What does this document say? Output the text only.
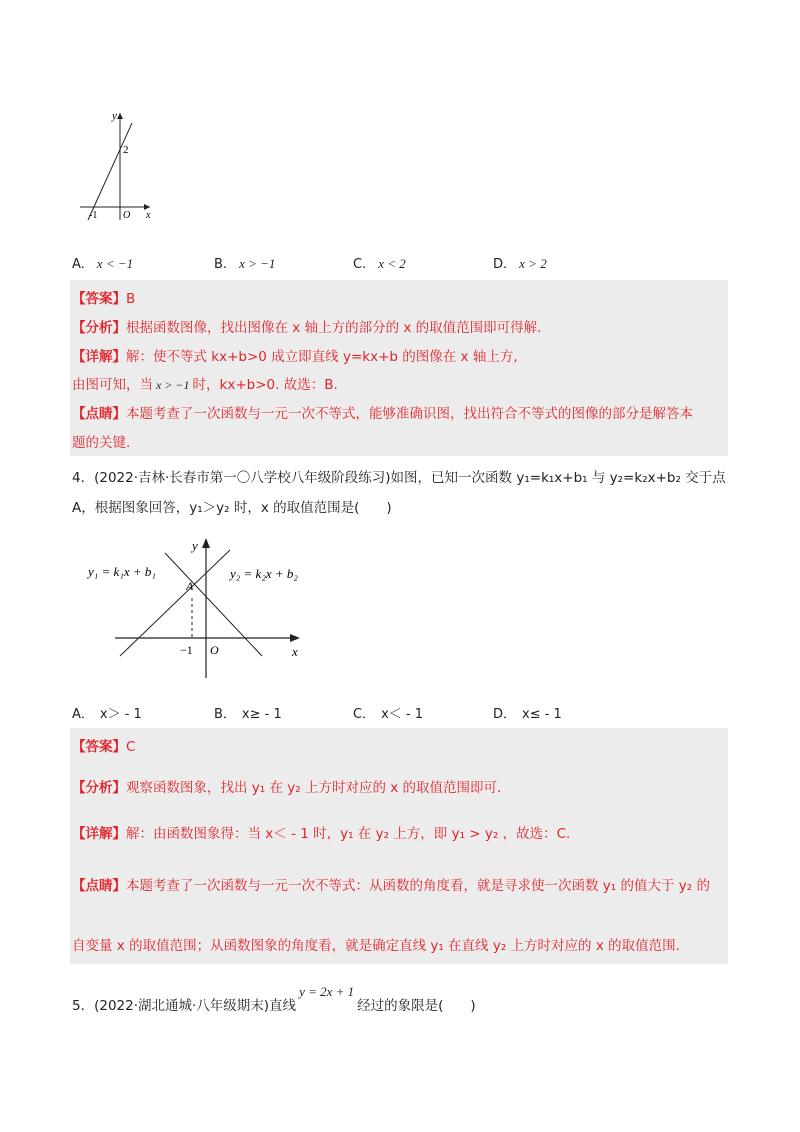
y
2
-1	O x
A. x < −1	B. x > −1	C. x < 2	D. x > 2
【答案】B
【分析】根据函数图像，找出图像在 x 轴上方的部分的 x 的取值范围即可得解.
【详解】解：使不等式 kx+b>0 成立即直线 y=kx+b 的图像在 x 轴上方,
由图可知，当 x > −1 时，kx+b>0. 故选：B.
【点睛】本题考查了一次函数与一元一次不等式，能够准确识图，找出符合不等式的图像的部分是解答本
题的关键.
4．(2022·吉林·长春市第一〇八学校八年级阶段练习)如图，已知一次函数 y₁=k₁x+b₁ 与 y₂=k₂x+b₂ 交于点
A，根据图象回答，y₁＞y₂ 时，x 的取值范围是(　　)
y
y₁ = k₁x + b₁	y₂ = k₂x + b₂
A
−1 O	x
A． x＞ - 1	B． x≥ - 1	C． x＜ - 1	D． x≤ - 1
【答案】C
【分析】观察函数图象，找出 y₁ 在 y₂ 上方时对应的 x 的取值范围即可.
【详解】解：由函数图象得：当 x＜ - 1 时，y₁ 在 y₂ 上方，即 y₁ > y₂ ，故选：C.
【点睛】本题考查了一次函数与一元一次不等式：从函数的角度看，就是寻求使一次函数 y₁ 的值大于 y₂ 的
自变量 x 的取值范围；从函数图象的角度看，就是确定直线 y₁ 在直线 y₂ 上方时对应的 x 的取值范围.
5．(2022·湖北通城·八年级期末)直线y = 2x + 1经过的象限是(　　)
